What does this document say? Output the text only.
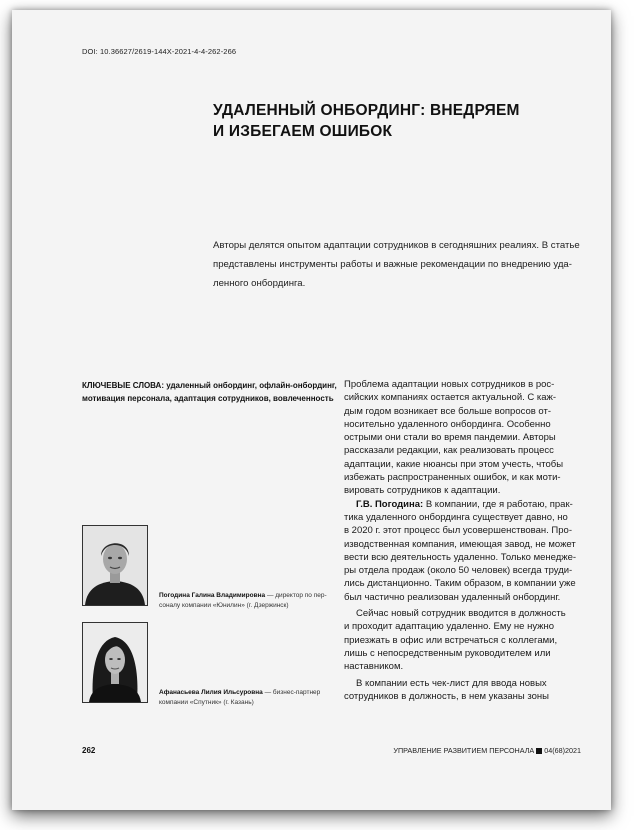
DOI: 10.36627/2619-144X-2021-4-4-262-266
УДАЛЕННЫЙ ОНБОРДИНГ: ВНЕДРЯЕМ
И ИЗБЕГАЕМ ОШИБОК

Авторы делятся опытом адаптации сотрудников в сегодняшних реалиях. В статье
представлены инструменты работы и важные рекомендации по внедрению уда-
ленного онбординга.

КЛЮЧЕВЫЕ СЛОВА: удаленный онбординг, офлайн-онбординг,
мотивация персонала, адаптация сотрудников, вовлеченность

Погодина Галина Владимировна — директор по пер-
соналу компании «Юнилин» (г. Дзержинск)

Афанасьева Лилия Ильсуровна — бизнес-партнер
компании «Спутник» (г. Казань)

Проблема адаптации новых сотрудников в рос-
сийских компаниях остается актуальной. С каж-
дым годом возникает все больше вопросов от-
носительно удаленного онбординга. Особенно
острыми они стали во время пандемии. Авторы
рассказали редакции, как реализовать процесс
адаптации, какие нюансы при этом учесть, чтобы
избежать распространенных ошибок, и как моти-
вировать сотрудников к адаптации.
Г.В. Погодина: В компании, где я работаю, прак-
тика удаленного онбординга существует давно, но
в 2020 г. этот процесс был усовершенствован. Про-
изводственная компания, имеющая завод, не может
вести всю деятельность удаленно. Только менедже-
ры отдела продаж (около 50 человек) всегда труди-
лись дистанционно. Таким образом, в компании уже
был частично реализован удаленный онбординг.
Сейчас новый сотрудник вводится в должность
и проходит адаптацию удаленно. Ему не нужно
приезжать в офис или встречаться с коллегами,
лишь с непосредственным руководителем или
наставником.
В компании есть чек-лист для ввода новых
сотрудников в должность, в нем указаны зоны
262	УПРАВЛЕНИЕ РАЗВИТИЕМ ПЕРСОНАЛА 04(68)2021
